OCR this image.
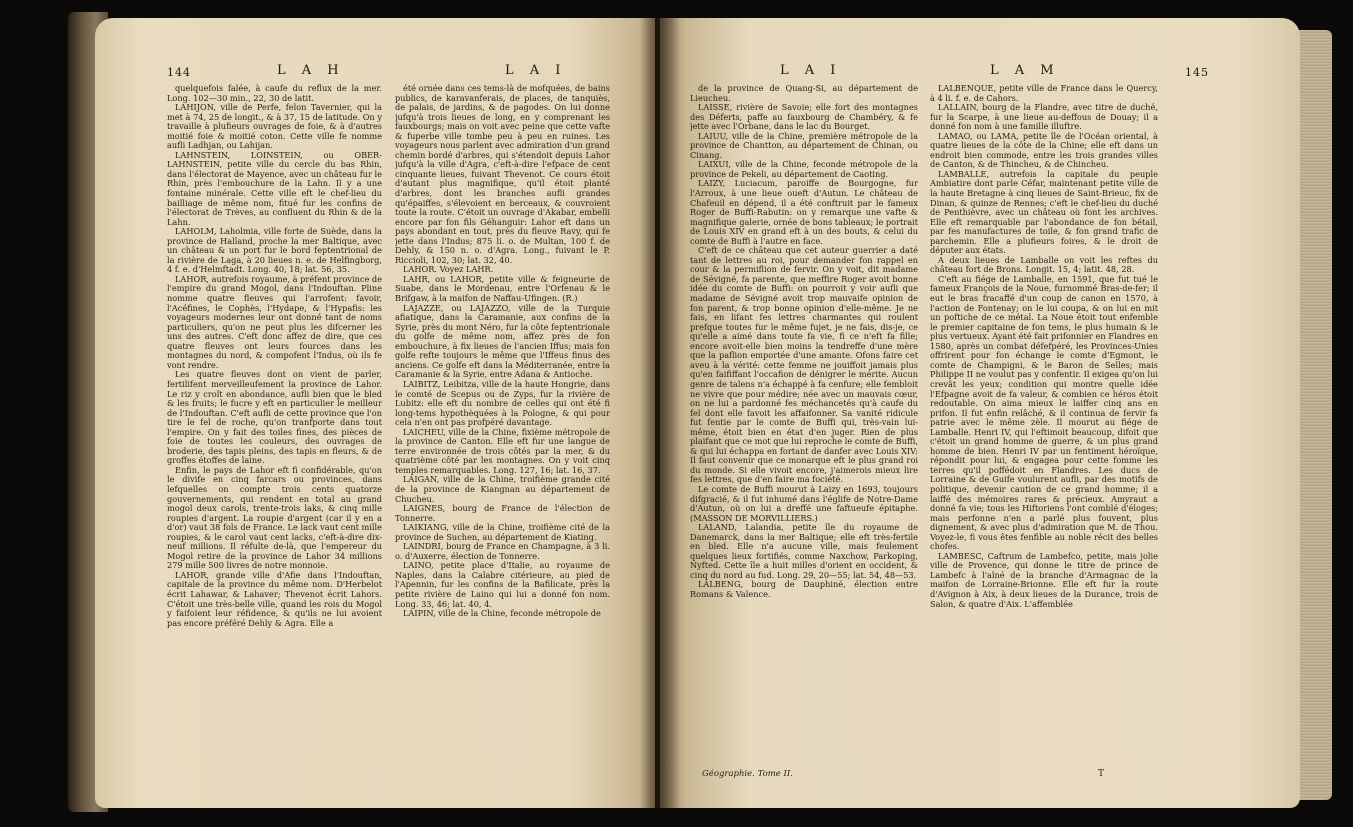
144	L A H	L A I

quelquefois falée, à caufe du reflux de la mer. Long. 102—30 min., 22, 30 de latit.

LAHIJON, ville de Perfe, felon Tavernier, qui la met à 74, 25 de longit., & à 37, 15 de latitude. On y travaille à plufieurs ouvrages de foie, & à d'autres moitié foie & moitié coton. Cette ville fe nomme aufli Ladhjan, ou Lahijan.

LAHNSTEIN, LOINSTEIN, ou OBER-LAHNSTEIN, petite ville du cercle du bas Rhin, dans l'électorat de Mayence, avec un château fur le Rhin, près l'embouchure de la Lahn. Il y a une fontaine minérale. Cette ville eft le chef-lieu du bailliage de même nom, fitué fur les confins de l'électorat de Trèves, au confluent du Rhin & de la Lahn.

LAHOLM, Laholmia, ville forte de Suède, dans la province de Halland, proche la mer Baltique, avec un château & un port fur le bord feptentrional de la rivière de Laga, à 20 lieues n. e. de Helfingborg, 4 f. e. d'Helmftadt. Long. 40, 18; lat. 56, 35.

LAHOR, autrefois royaume, à préfent province de l'empire du grand Mogol, dans l'Indouftan. Pline nomme quatre fleuves qui l'arrofent: favoir, l'Acéfines, le Cophès, l'Hydape, & l'Hypafis: les voyageurs modernes leur ont donné tant de noms particuliers, qu'on ne peut plus les difcerner les uns des autres. C'eft donc affez de dire, que ces quatre fleuves ont leurs fources dans les montagnes du nord, & compofent l'Indus, où ils fe vont rendre.

Les quatre fleuves dont on vient de parler, fertilifent merveilleufement la province de Lahor. Le riz y croît en abondance, aufli bien que le bled & les fruits; le fucre y eft en particulier le meilleur de l'Indouftan. C'eft aufli de cette province que l'on tire le fel de roche, qu'on tranfporte dans tout l'empire. On y fait des toiles fines, des pièces de foie de toutes les couleurs, des ouvrages de broderie, des tapis pleins, des tapis en fleurs, & de groffes étoffes de laine.

Enfin, le pays de Lahor eft fi confidérable, qu'on le divife en cinq farcars ou provinces, dans lefquelles on compte trois cents quatorze gouvernements, qui rendent en total au grand mogol deux carols, trente-trois laks, & cinq mille roupies d'argent. La roupie d'argent (car il y en a d'or) vaut 38 fols de France. Le lack vaut cent mille roupies, & le carol vaut cent lacks, c'eft-à-dire dix-neuf millions. Il réfulte de-là, que l'empereur du Mogol retire de la province de Lahor 34 millions 279 mille 500 livres de notre monnoie.

LAHOR, grande ville d'Afie dans l'Indouftan, capitale de la province du même nom. D'Herbelot écrit Lahawar, & Lahaver; Thevenot écrit Lahors. C'étoit une très-belle ville, quand les rois du Mogol y faifoient leur réfidence, & qu'ils ne lui avoient pas encore préféré Dehly & Agra. Elle a

été ornée dans ces tems-là de mofquées, de bains publics, de karavanferais, de places, de tanquiès, de palais, de jardins, & de pagodes. On lui donne jufqu'à trois lieues de long, en y comprenant les fauxbourgs; mais on voit avec peine que cette vafte & fuperbe ville tombe peu à peu en ruines. Les voyageurs nous parlent avec admiration d'un grand chemin bordé d'arbres, qui s'étendoit depuis Lahor jufqu'à la ville d'Agra, c'eft-à-dire l'efpace de cent cinquante lieues, fuivant Thevenot. Ce cours étoit d'autant plus magnifique, qu'il étoit planté d'arbres, dont les branches aufli grandes qu'épaiffes, s'élevoient en berceaux, & couvroient toute la route. C'étoit un ouvrage d'Akabar, embelli encore par fon fils Géhanguir: Lahor eft dans un pays abondant en tout, près du fleuve Ravy, qui fe jette dans l'Indus; 875 li. o. de Multan, 100 f. de Dehly, & 150 n. o. d'Agra. Long., fuivant le P. Riccioli, 102, 30; lat. 32, 40.

LAHOR. Voyez LAHR.

LAHR, ou LAHOR, petite ville & feigneurie de Suabe, dans le Mordenau, entre l'Orfenau & le Brifgaw, à la maifon de Naffau-Ufingen. (R.)

LAJAZZE, ou LAJAZZO, ville de la Turquie afiatique, dans la Caramanie, aux confins de la Syrie, près du mont Néro, fur la côte feptentrionale du golfe de même nom, affez près de fon embouchure, à fix lieues de l'ancien Iffus; mais fon golfe refte toujours le même que l'Iffeus finus des anciens. Ce golfe eft dans la Méditerranée, entre la Caramanie & la Syrie, entre Adana & Antioche.

LAIBITZ, Leibitza, ville de la haute Hongrie, dans le comté de Scepus ou de Zyps, fur la rivière de Lubitz: elle eft du nombre de celles qui ont été fi long-tems hypothèquées à la Pologne, & qui pour cela n'en ont pas profpéré davantage.

LAICHEU, ville de la Chine, fixième métropole de la province de Canton. Elle eft fur une langue de terre environnée de trois côtés par la mer, & du quatrième côté par les montagnes. On y voit cinq temples remarquables. Long. 127, 16; lat. 16, 37.

LAIGAN, ville de la Chine, troifième grande cité de la province de Kiangnan au département de Chucheu.

LAIGNES, bourg de France de l'élection de Tonnerre.

LAIKIANG, ville de la Chine, troifième cité de la province de Suchen, au département de Kiating.

LAINDRI, bourg de France en Champagne, à 3 li. o. d'Auxerre, élection de Tonnerre.

LAINO, petite place d'Italie, au royaume de Naples, dans la Calabre citérieure, au pied de l'Apennin, fur les confins de la Bafilicate, près la petite rivière de Laino qui lui a donné fon nom. Long. 33, 46; lat. 40, 4.

LAIPIN, ville de la Chine, feconde métropole de

L A I	L A M	145

de la province de Quang-Si, au département de Lieucheu.

LAISSE, rivière de Savoie; elle fort des montagnes des Déferts, paffe au fauxbourg de Chambéry, & fe jette avec l'Orbane, dans le lac du Bourget.

LAIUU, ville de la Chine, première métropole de la province de Chantton, au département de Chinan, ou Cinang.

LAIXUI, ville de la Chine, feconde métropole de la province de Pekeli, au département de Caoting.

LAIZY, Luciacum, paroiffe de Bourgogne, fur l'Arroux, à une lieue oueft d'Autun. Le château de Chafeuil en dépend, il a été conftruit par le fameux Roger de Buffi-Rabutin: on y remarque une vafte & magnifique galerie, ornée de bons tableaux; le portrait de Louis XIV en grand eft à un des bouts, & celui du comte de Buffi à l'autre en face.

C'eft de ce château que cet auteur guerrier a daté tant de lettres au roi, pour demander fon rappel en cour & la permiflion de fervir. On y voit, dit madame de Sévigné, fa parente, que meffire Roger avoit bonne idée du comte de Buffi: on pourroit y voir aufli que madame de Sévigné avoit trop mauvaife opinion de fon parent, & trop bonne opinion d'elle-même. Je ne fais, en lifant fes lettres charmantes qui roulent prefque toutes fur le même fujet, je ne fais, dis-je, ce qu'elle a aimé dans toute fa vie, fi ce n'eft fa fille; encore avoit-elle bien moins la tendreffe d'une mère que la paflion emportée d'une amante. Ofons faire cet aveu à la vérité: cette femme ne jouiffoit jamais plus qu'en faififfant l'occafion de dénigrer le mérite. Aucun genre de talens n'a échappé à fa cenfure; elle fembloit ne vivre que pour médire; née avec un mauvais cœur, on ne lui a pardonné fes méchancetés qu'à caufe du fel dont elle favoit les affaifonner. Sa vanité ridicule fut fentie par le comte de Buffi qui, très-vain lui-même, étoit bien en état d'en juger. Rien de plus plaifant que ce mot que lui reproche le comte de Buffi, & qui lui échappa en fortant de danfer avec Louis XIV: Il faut convenir que ce monarque eft le plus grand roi du monde. Si elle vivoit encore, j'aimerois mieux lire fes lettres, que d'en faire ma fociété.

Le comte de Buffi mourut à Laizy en 1693, toujours difgracié, & il fut inhumé dans l'églife de Notre-Dame d'Autun, où on lui a dreffé une faftueufe épitaphe. (MASSON DE MORVILLIERS.)

LALAND, Lalandia, petite île du royaume de Danemarck, dans la mer Baltique; elle eft très-fertile en bled. Elle n'a aucune ville, mais feulement quelques lieux fortifiés, comme Naxchow, Parkoping, Nyfted. Cette île a huit milles d'orient en occident, & cinq du nord au fud. Long. 29, 20—55; lat. 54, 48—53.

LALBENG, bourg de Dauphiné, élection entre Romans & Valence.

LALBENQUE, petite ville de France dans le Quercy, à 4 li. f. e. de Cahors.

LALLAIN, bourg de la Flandre, avec titre de duché, fur la Scarpe, à une lieue au-deffous de Douay; il a donné fon nom à une famille illuftre.

LAMAO, ou LAMA, petite île de l'Océan oriental, à quatre lieues de la côte de la Chine; elle eft dans un endroit bien commode, entre les trois grandes villes de Canton, & de Thincheu, & de Chincheu.

LAMBALLE, autrefois la capitale du peuple Ambiatire dont parle Céfar, maintenant petite ville de la haute Bretagne à cinq lieues de Saint-Brieuc, fix de Dinan, & quinze de Rennes; c'eft le chef-lieu du duché de Penthièvre, avec un château où font les archives. Elle eft remarquable par l'abondance de fon bétail, par fes manufactures de toile, & fon grand trafic de parchemin. Elle a plufieurs foires, & le droit de députer aux états.

A deux lieues de Lamballe on voit les reftes du château fort de Brons. Longit. 15, 4; latit. 48, 28.

C'eft au fiége de Lamballe, en 1591, que fut tué le fameux François de la Noue, furnommé Bras-de-fer; il eut le bras fracaffé d'un coup de canon en 1570, à l'action de Fontenay; on le lui coupa, & on lui en mit un poftiche de ce métal. La Noue étoit tout enfemble le premier capitaine de fon tems, le plus humain & le plus vertueux. Ayant été fait prifonnier en Flandres en 1580, après un combat défefpéré, les Provinces-Unies offrirent pour fon échange le comte d'Egmont, le comte de Champigni, & le Baron de Selles; mais Philippe II ne voulut pas y confentir. Il exigea qu'on lui crevât les yeux; condition qui montre quelle idée l'Efpagne avoit de fa valeur, & combien ce héros étoit redoutable. On aima mieux le laiffer cinq ans en prifon. Il fut enfin relâché, & il continua de fervir fa patrie avec le même zèle. Il mourut au fiége de Lamballe. Henri IV, qui l'eftimoit beaucoup, difoit que c'étoit un grand homme de guerre, & un plus grand homme de bien. Henri IV par un fentiment héroïque, répondit pour lui, & engagea pour cette fomme les terres qu'il poffédoit en Flandres. Les ducs de Lorraine & de Guife voulurent aufli, par des motifs de politique, devenir caution de ce grand homme; il a laiffé des mémoires rares & précieux. Amyraut a donné fa vie; tous les Hiftoriens l'ont comblé d'éloges; mais perfonne n'en a parlé plus fouvent, plus dignement, & avec plus d'admiration que M. de Thou. Voyez-le, fi vous êtes fenfible au noble récit des belles chofes.

LAMBESC, Caftrum de Lambefco, petite, mais jolie ville de Provence, qui donne le titre de prince de Lambefc à l'aîné de la branche d'Armagnac de la maifon de Lorraine-Brionne. Elle eft fur la route d'Avignon à Aix, à deux lieues de la Durance, trois de Salon, & quatre d'Aix. L'affemblée

Géographie. Tome II.	T
